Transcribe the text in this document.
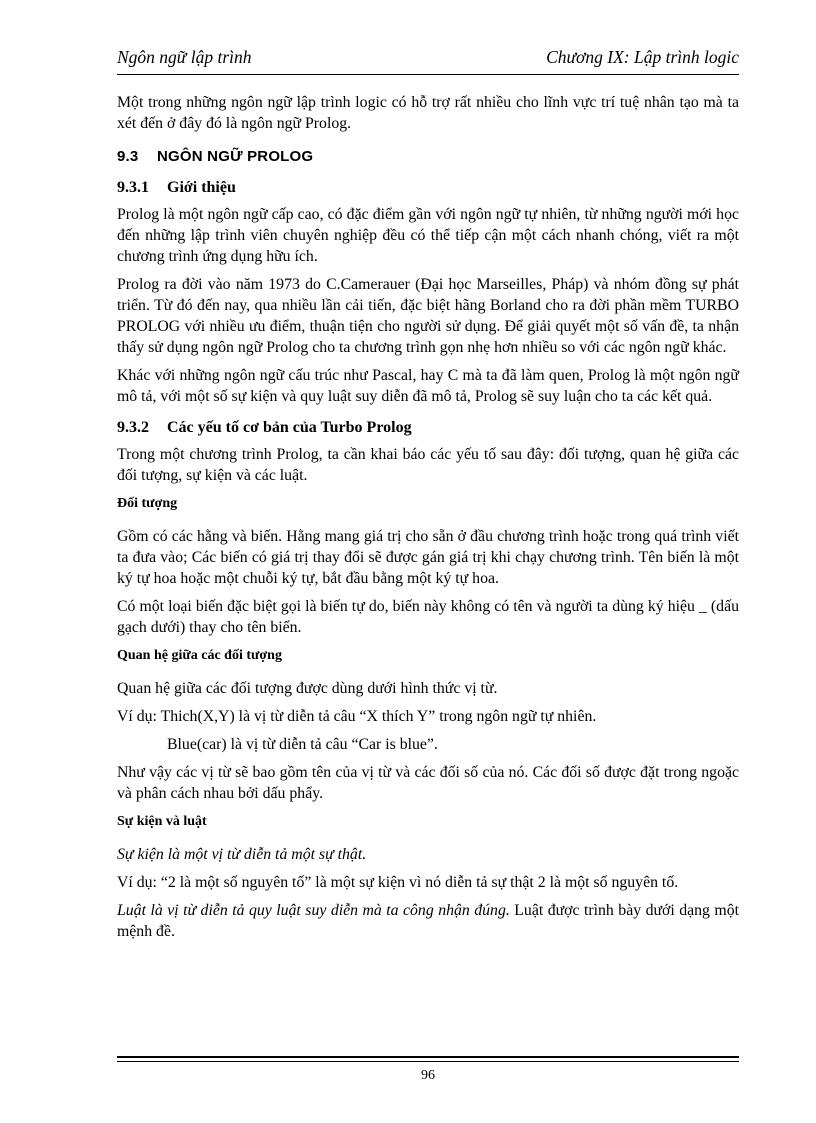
Ngôn ngữ lập trình	Chương IX: Lập trình logic

Một trong những ngôn ngữ lập trình logic có hỗ trợ rất nhiều cho lĩnh vực trí tuệ nhân tạo mà ta xét đến ở đây đó là ngôn ngữ Prolog.

9.3 NGÔN NGỮ PROLOG
9.3.1 Giới thiệu

Prolog là một ngôn ngữ cấp cao, có đặc điểm gần với ngôn ngữ tự nhiên, từ những người mới học đến những lập trình viên chuyên nghiệp đều có thể tiếp cận một cách nhanh chóng, viết ra một chương trình ứng dụng hữu ích.

Prolog ra đời vào năm 1973 do C.Camerauer (Đại học Marseilles, Pháp) và nhóm đồng sự phát triển. Từ đó đến nay, qua nhiều lần cải tiến, đặc biệt hãng Borland cho ra đời phần mềm TURBO PROLOG với nhiều ưu điểm, thuận tiện cho người sử dụng. Để giải quyết một số vấn đề, ta nhận thấy sử dụng ngôn ngữ Prolog cho ta chương trình gọn nhẹ hơn nhiều so với các ngôn ngữ khác.

Khác với những ngôn ngữ cấu trúc như Pascal, hay C mà ta đã làm quen, Prolog là một ngôn ngữ mô tả, với một số sự kiện và quy luật suy diễn đã mô tả, Prolog sẽ suy luận cho ta các kết quả.

9.3.2 Các yếu tố cơ bản của Turbo Prolog

Trong một chương trình Prolog, ta cần khai báo các yếu tố sau đây: đối tượng, quan hệ giữa các đối tượng, sự kiện và các luật.

Đối tượng

Gồm có các hằng và biến. Hằng mang giá trị cho sẵn ở đầu chương trình hoặc trong quá trình viết ta đưa vào; Các biến có giá trị thay đổi sẽ được gán giá trị khi chạy chương trình. Tên biến là một ký tự hoa hoặc một chuỗi ký tự, bắt đầu bằng một ký tự hoa.

Có một loại biến đặc biệt gọi là biến tự do, biến này không có tên và người ta dùng ký hiệu _ (dấu gạch dưới) thay cho tên biến.

Quan hệ giữa các đối tượng

Quan hệ giữa các đối tượng được dùng dưới hình thức vị từ.

Ví dụ: Thich(X,Y) là vị từ diễn tả câu “X thích Y” trong ngôn ngữ tự nhiên.

Blue(car) là vị từ diễn tả câu “Car is blue”.

Như vậy các vị từ sẽ bao gồm tên của vị từ và các đối số của nó. Các đối số được đặt trong ngoặc và phân cách nhau bởi dấu phẩy.

Sự kiện và luật

Sự kiện là một vị từ diễn tả một sự thật.

Ví dụ: “2 là một số nguyên tố” là một sự kiện vì nó diễn tả sự thật 2 là một số nguyên tố.

Luật là vị từ diễn tả quy luật suy diễn mà ta công nhận đúng. Luật được trình bày dưới dạng một mệnh đề.

96
